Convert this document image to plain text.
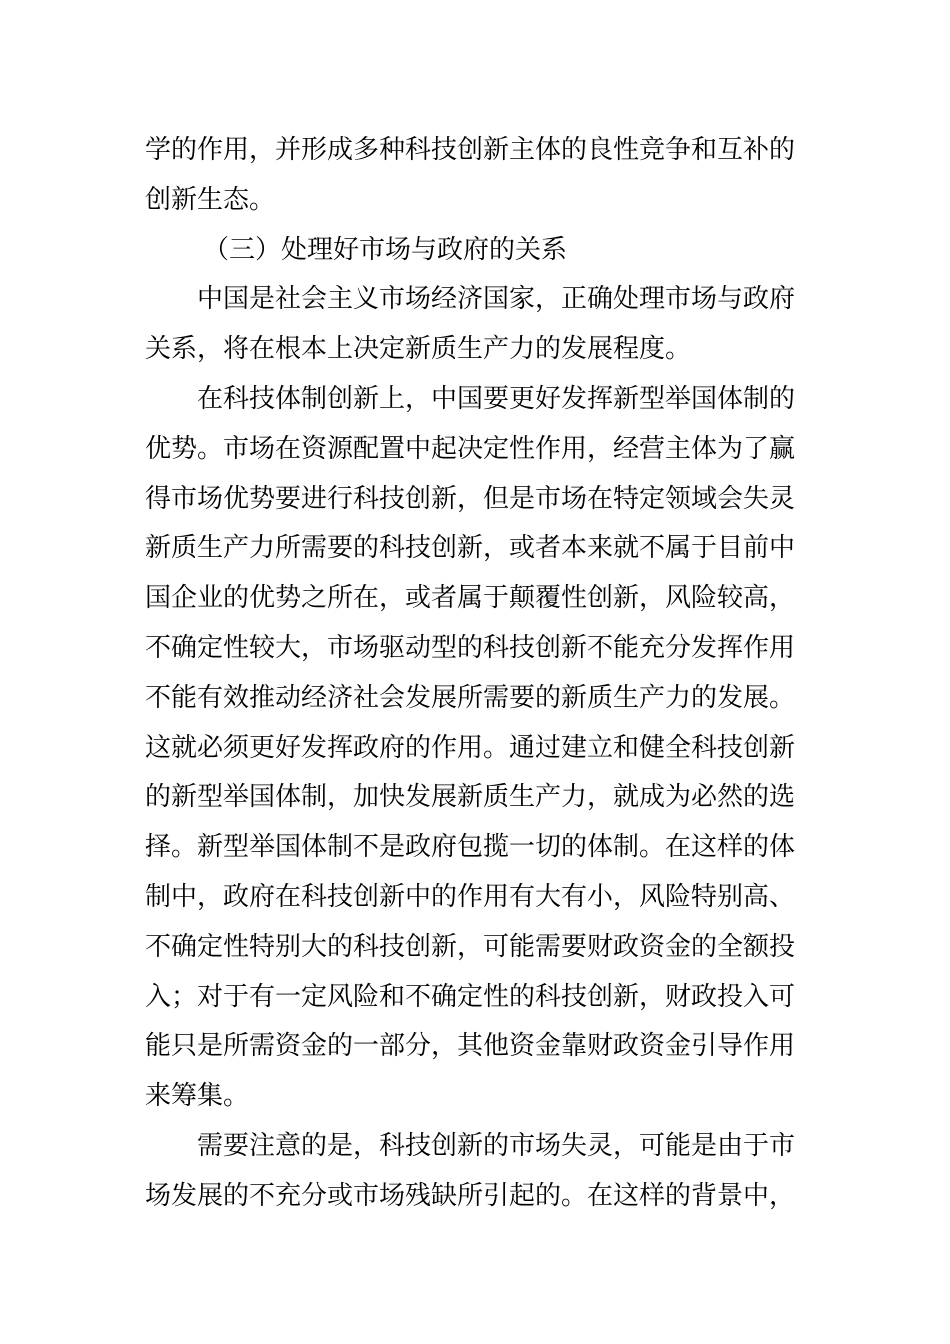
学的作用，并形成多种科技创新主体的良性竞争和互补的
创新生态。
（三）处理好市场与政府的关系
中国是社会主义市场经济国家，正确处理市场与政府
关系，将在根本上决定新质生产力的发展程度。
在科技体制创新上，中国要更好发挥新型举国体制的
优势。市场在资源配置中起决定性作用，经营主体为了赢
得市场优势要进行科技创新，但是市场在特定领域会失灵
新质生产力所需要的科技创新，或者本来就不属于目前中
国企业的优势之所在，或者属于颠覆性创新，风险较高，
不确定性较大，市场驱动型的科技创新不能充分发挥作用
不能有效推动经济社会发展所需要的新质生产力的发展。
这就必须更好发挥政府的作用。通过建立和健全科技创新
的新型举国体制，加快发展新质生产力，就成为必然的选
择。新型举国体制不是政府包揽一切的体制。在这样的体
制中，政府在科技创新中的作用有大有小，风险特别高、
不确定性特别大的科技创新，可能需要财政资金的全额投
入；对于有一定风险和不确定性的科技创新，财政投入可
能只是所需资金的一部分，其他资金靠财政资金引导作用
来筹集。
需要注意的是，科技创新的市场失灵，可能是由于市
场发展的不充分或市场残缺所引起的。在这样的背景中，
